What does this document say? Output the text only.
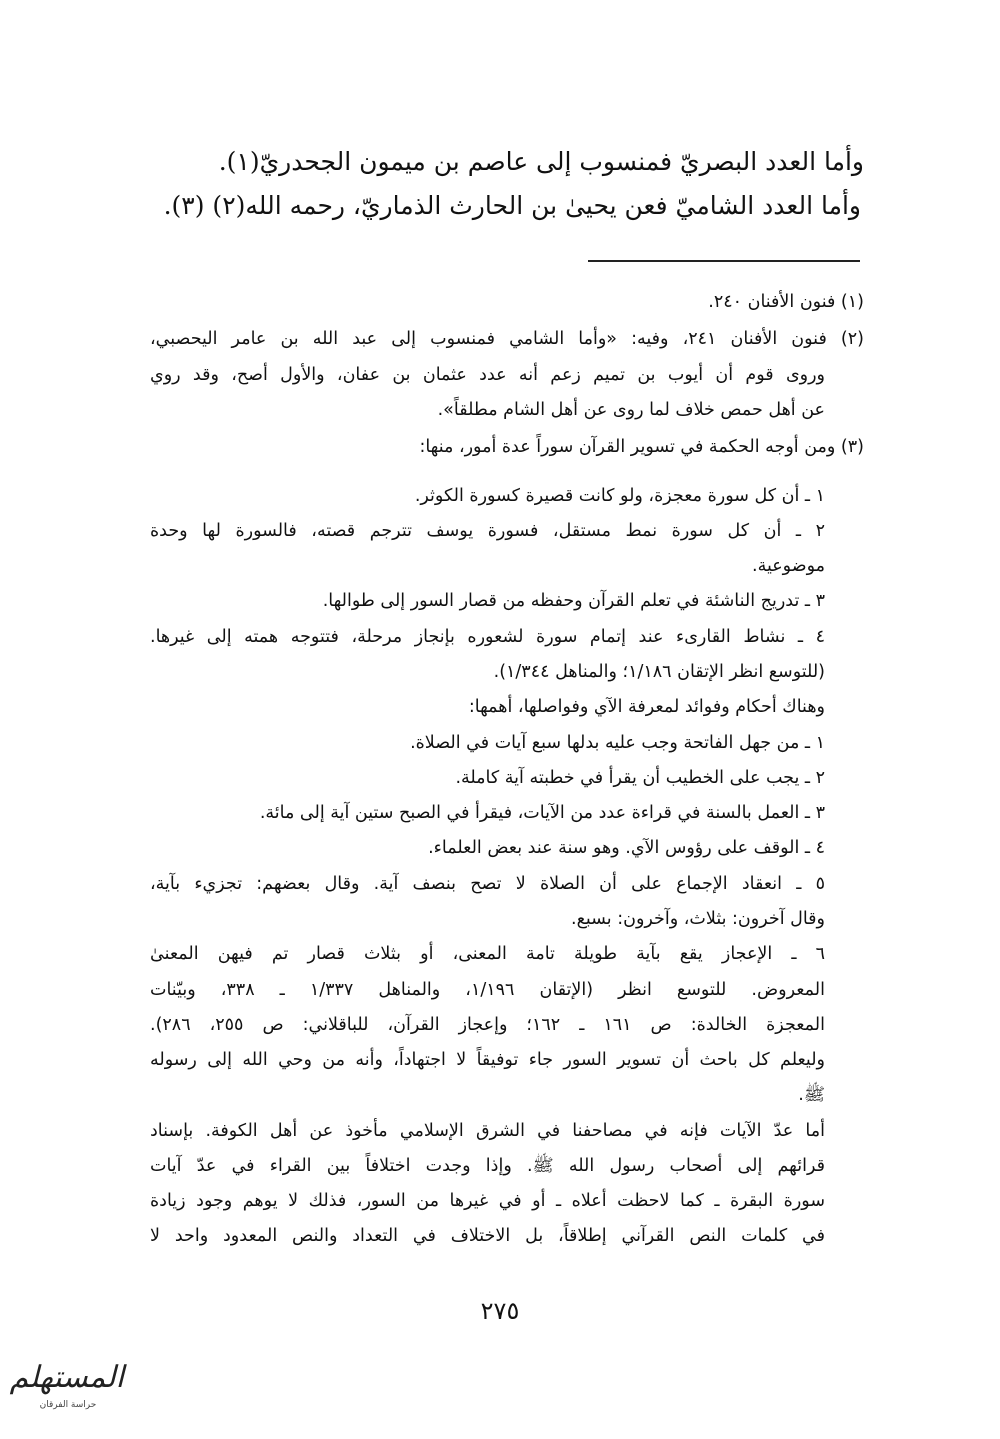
وأما العدد البصريّ فمنسوب إلى عاصم بن ميمون الجحدريّ(١).
وأما العدد الشاميّ فعن يحيىٰ بن الحارث الذماريّ، رحمه الله(٢) (٣).
(١) فنون الأفنان ٢٤٠.
(٢) فنون الأفنان ٢٤١، وفيه: «وأما الشامي فمنسوب إلى عبد الله بن عامر اليحصبي،
وروى قوم أن أيوب بن تميم زعم أنه عدد عثمان بن عفان، والأول أصح، وقد روي
عن أهل حمص خلاف لما روى عن أهل الشام مطلقاً».
(٣) ومن أوجه الحكمة في تسوير القرآن سوراً عدة أمور، منها:
١ ـ أن كل سورة معجزة، ولو كانت قصيرة كسورة الكوثر.
٢ ـ أن كل سورة نمط مستقل، فسورة يوسف تترجم قصته، فالسورة لها وحدة
موضوعية.
٣ ـ تدريج الناشئة في تعلم القرآن وحفظه من قصار السور إلى طوالها.
٤ ـ نشاط القارىء عند إتمام سورة لشعوره بإنجاز مرحلة، فتتوجه همته إلى غيرها.
(للتوسع انظر الإتقان ١/١٨٦؛ والمناهل ١/٣٤٤).
وهناك أحكام وفوائد لمعرفة الآي وفواصلها، أهمها:
١ ـ من جهل الفاتحة وجب عليه بدلها سبع آيات في الصلاة.
٢ ـ يجب على الخطيب أن يقرأ في خطبته آية كاملة.
٣ ـ العمل بالسنة في قراءة عدد من الآيات، فيقرأ في الصبح ستين آية إلى مائة.
٤ ـ الوقف على رؤوس الآي. وهو سنة عند بعض العلماء.
٥ ـ انعقاد الإجماع على أن الصلاة لا تصح بنصف آية. وقال بعضهم: تجزيء بآية،
وقال آخرون: بثلاث، وآخرون: بسبع.
٦ ـ الإعجاز يقع بآية طويلة تامة المعنى، أو بثلاث قصار تم فيهن المعنىٰ
المعروض. للتوسع انظر (الإتقان ١/١٩٦، والمناهل ١/٣٣٧ ـ ٣٣٨، وبيّنات
المعجزة الخالدة: ص ١٦١ ـ ١٦٢؛ وإعجاز القرآن، للباقلاني: ص ٢٥٥، ٢٨٦).
وليعلم كل باحث أن تسوير السور جاء توفيقاً لا اجتهاداً، وأنه من وحي الله إلى رسوله
ﷺ.
أما عدّ الآيات فإنه في مصاحفنا في الشرق الإسلامي مأخوذ عن أهل الكوفة. بإسناد
قرائهم إلى أصحاب رسول الله ﷺ. وإذا وجدت اختلافاً بين القراء في عدّ آيات
سورة البقرة ـ كما لاحظت أعلاه ـ أو في غيرها من السور، فذلك لا يوهم وجود زيادة
في كلمات النص القرآني إطلاقاً، بل الاختلاف في التعداد والنص المعدود واحد لا
٢٧٥
المستهلم
ﺣﺮﺍﺳﺔ ﺍﻟﻔﺮﻗﺎﻥ
